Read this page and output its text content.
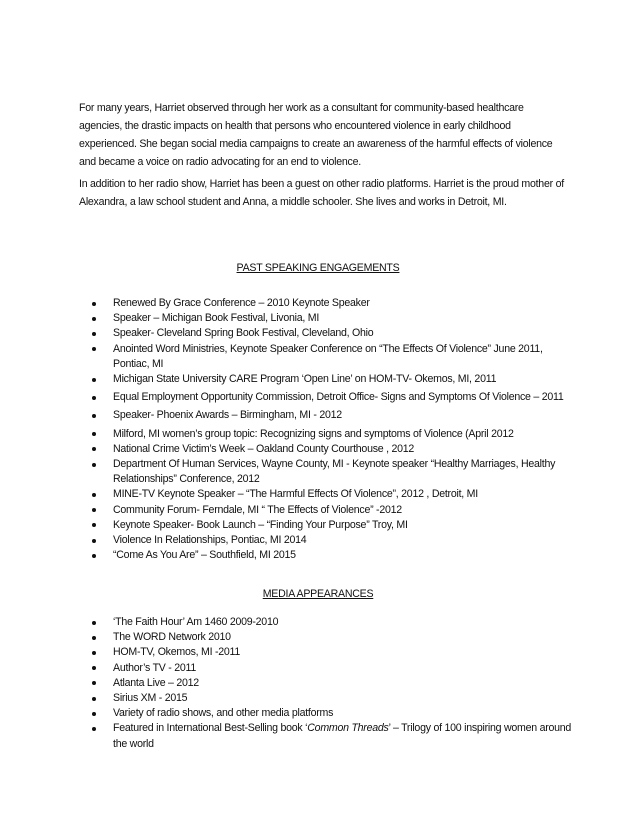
For many years, Harriet observed through her work as a consultant for community-based healthcare agencies, the drastic impacts on health that persons who encountered violence in early childhood experienced. She began social media campaigns to create an awareness of the harmful effects of violence and became a voice on radio advocating for an end to violence.

In addition to her radio show, Harriet has been a guest on other radio platforms. Harriet is the proud mother of Alexandra, a law school student and Anna, a middle schooler. She lives and works in Detroit, MI.

PAST SPEAKING ENGAGEMENTS
Renewed By Grace Conference – 2010 Keynote Speaker
Speaker – Michigan Book Festival, Livonia, MI
Speaker- Cleveland Spring Book Festival, Cleveland, Ohio
Anointed Word Ministries, Keynote Speaker Conference on “The Effects Of Violence” June 2011, Pontiac, MI
Michigan State University CARE Program ‘Open Line’ on HOM-TV- Okemos, MI, 2011
Equal Employment Opportunity Commission, Detroit Office- Signs and Symptoms Of Violence – 2011
Speaker- Phoenix Awards – Birmingham, MI - 2012
Milford, MI women’s group topic: Recognizing signs and symptoms of Violence (April 2012
National Crime Victim’s Week – Oakland County Courthouse , 2012
Department Of Human Services, Wayne County, MI - Keynote speaker “Healthy Marriages, Healthy Relationships” Conference, 2012
MINE-TV Keynote Speaker – “The Harmful Effects Of Violence”, 2012 , Detroit, MI
Community Forum- Ferndale, MI “ The Effects of Violence” -2012
Keynote Speaker- Book Launch – “Finding Your Purpose” Troy, MI
Violence In Relationships, Pontiac, MI 2014
“Come As You Are” – Southfield, MI 2015
MEDIA APPEARANCES
‘The Faith Hour’ Am 1460 2009-2010
The WORD Network 2010
HOM-TV, Okemos, MI -2011
Author’s TV - 2011
Atlanta Live – 2012
Sirius XM - 2015
Variety of radio shows, and other media platforms
Featured in International Best-Selling book ‘Common Threads’ – Trilogy of 100 inspiring women around the world
